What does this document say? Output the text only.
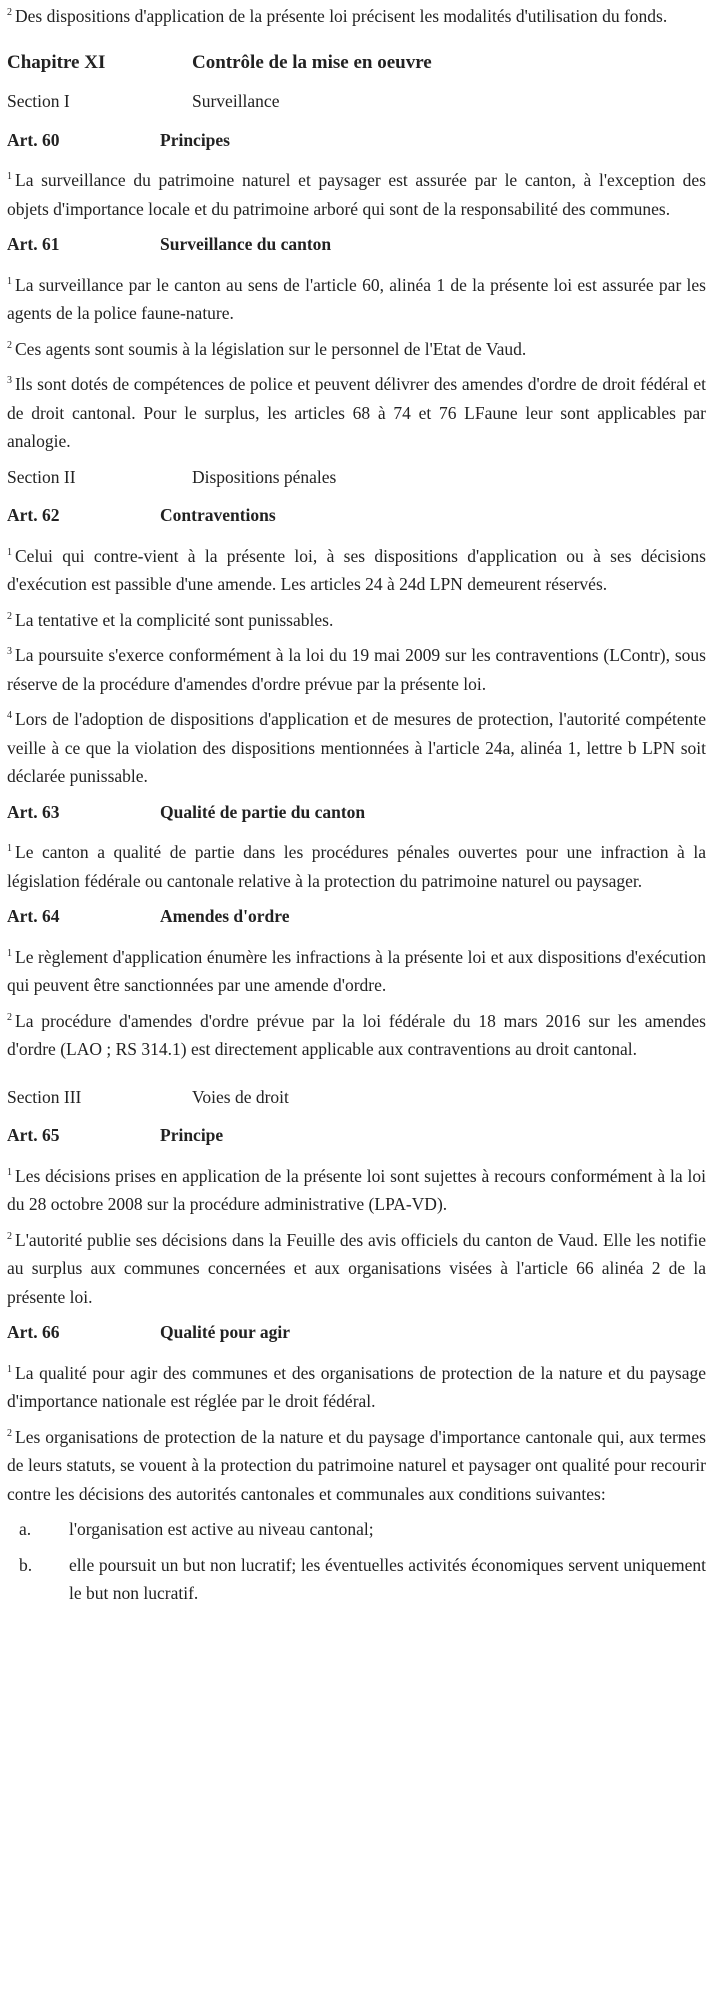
$^2$ Des dispositions d'application de la présente loi précisent les modalités d'utilisation du fonds.

Chapitre XI	Contrôle de la mise en oeuvre
Section I	Surveillance
Art. 60	Principes

$^1$ La surveillance du patrimoine naturel et paysager est assurée par le canton, à l'exception des objets d'importance locale et du patrimoine arboré qui sont de la responsabilité des communes.

Art. 61	Surveillance du canton

$^1$ La surveillance par le canton au sens de l'article 60, alinéa 1 de la présente loi est assurée par les agents de la police faune-nature.

$^2$ Ces agents sont soumis à la législation sur le personnel de l'Etat de Vaud.

$^3$ Ils sont dotés de compétences de police et peuvent délivrer des amendes d'ordre de droit fédéral et de droit cantonal. Pour le surplus, les articles 68 à 74 et 76 LFaune leur sont applicables par analogie.

Section II	Dispositions pénales
Art. 62	Contraventions

$^1$ Celui qui contre-vient à la présente loi, à ses dispositions d'application ou à ses décisions d'exécution est passible d'une amende. Les articles 24 à 24d LPN demeurent réservés.

$^2$ La tentative et la complicité sont punissables.

$^3$ La poursuite s'exerce conformément à la loi du 19 mai 2009 sur les contraventions (LContr), sous réserve de la procédure d'amendes d'ordre prévue par la présente loi.

$^4$ Lors de l'adoption de dispositions d'application et de mesures de protection, l'autorité compétente veille à ce que la violation des dispositions mentionnées à l'article 24a, alinéa 1, lettre b LPN soit déclarée punissable.

Art. 63	Qualité de partie du canton

$^1$ Le canton a qualité de partie dans les procédures pénales ouvertes pour une infraction à la législation fédérale ou cantonale relative à la protection du patrimoine naturel ou paysager.

Art. 64	Amendes d'ordre

$^1$ Le règlement d'application énumère les infractions à la présente loi et aux dispositions d'exécution qui peuvent être sanctionnées par une amende d'ordre.

$^2$ La procédure d'amendes d'ordre prévue par la loi fédérale du 18 mars 2016 sur les amendes d'ordre (LAO ; RS 314.1) est directement applicable aux contraventions au droit cantonal.

Section III	Voies de droit
Art. 65	Principe

$^1$ Les décisions prises en application de la présente loi sont sujettes à recours conformément à la loi du 28 octobre 2008 sur la procédure administrative (LPA-VD).

$^2$ L'autorité publie ses décisions dans la Feuille des avis officiels du canton de Vaud. Elle les notifie au surplus aux communes concernées et aux organisations visées à l'article 66 alinéa 2 de la présente loi.

Art. 66	Qualité pour agir

$^1$ La qualité pour agir des communes et des organisations de protection de la nature et du paysage d'importance nationale est réglée par le droit fédéral.

$^2$ Les organisations de protection de la nature et du paysage d'importance cantonale qui, aux termes de leurs statuts, se vouent à la protection du patrimoine naturel et paysager ont qualité pour recourir contre les décisions des autorités cantonales et communales aux conditions suivantes:

a.	l'organisation est active au niveau cantonal;
b.	elle poursuit un but non lucratif; les éventuelles activités économiques servent uniquement le but non lucratif.
